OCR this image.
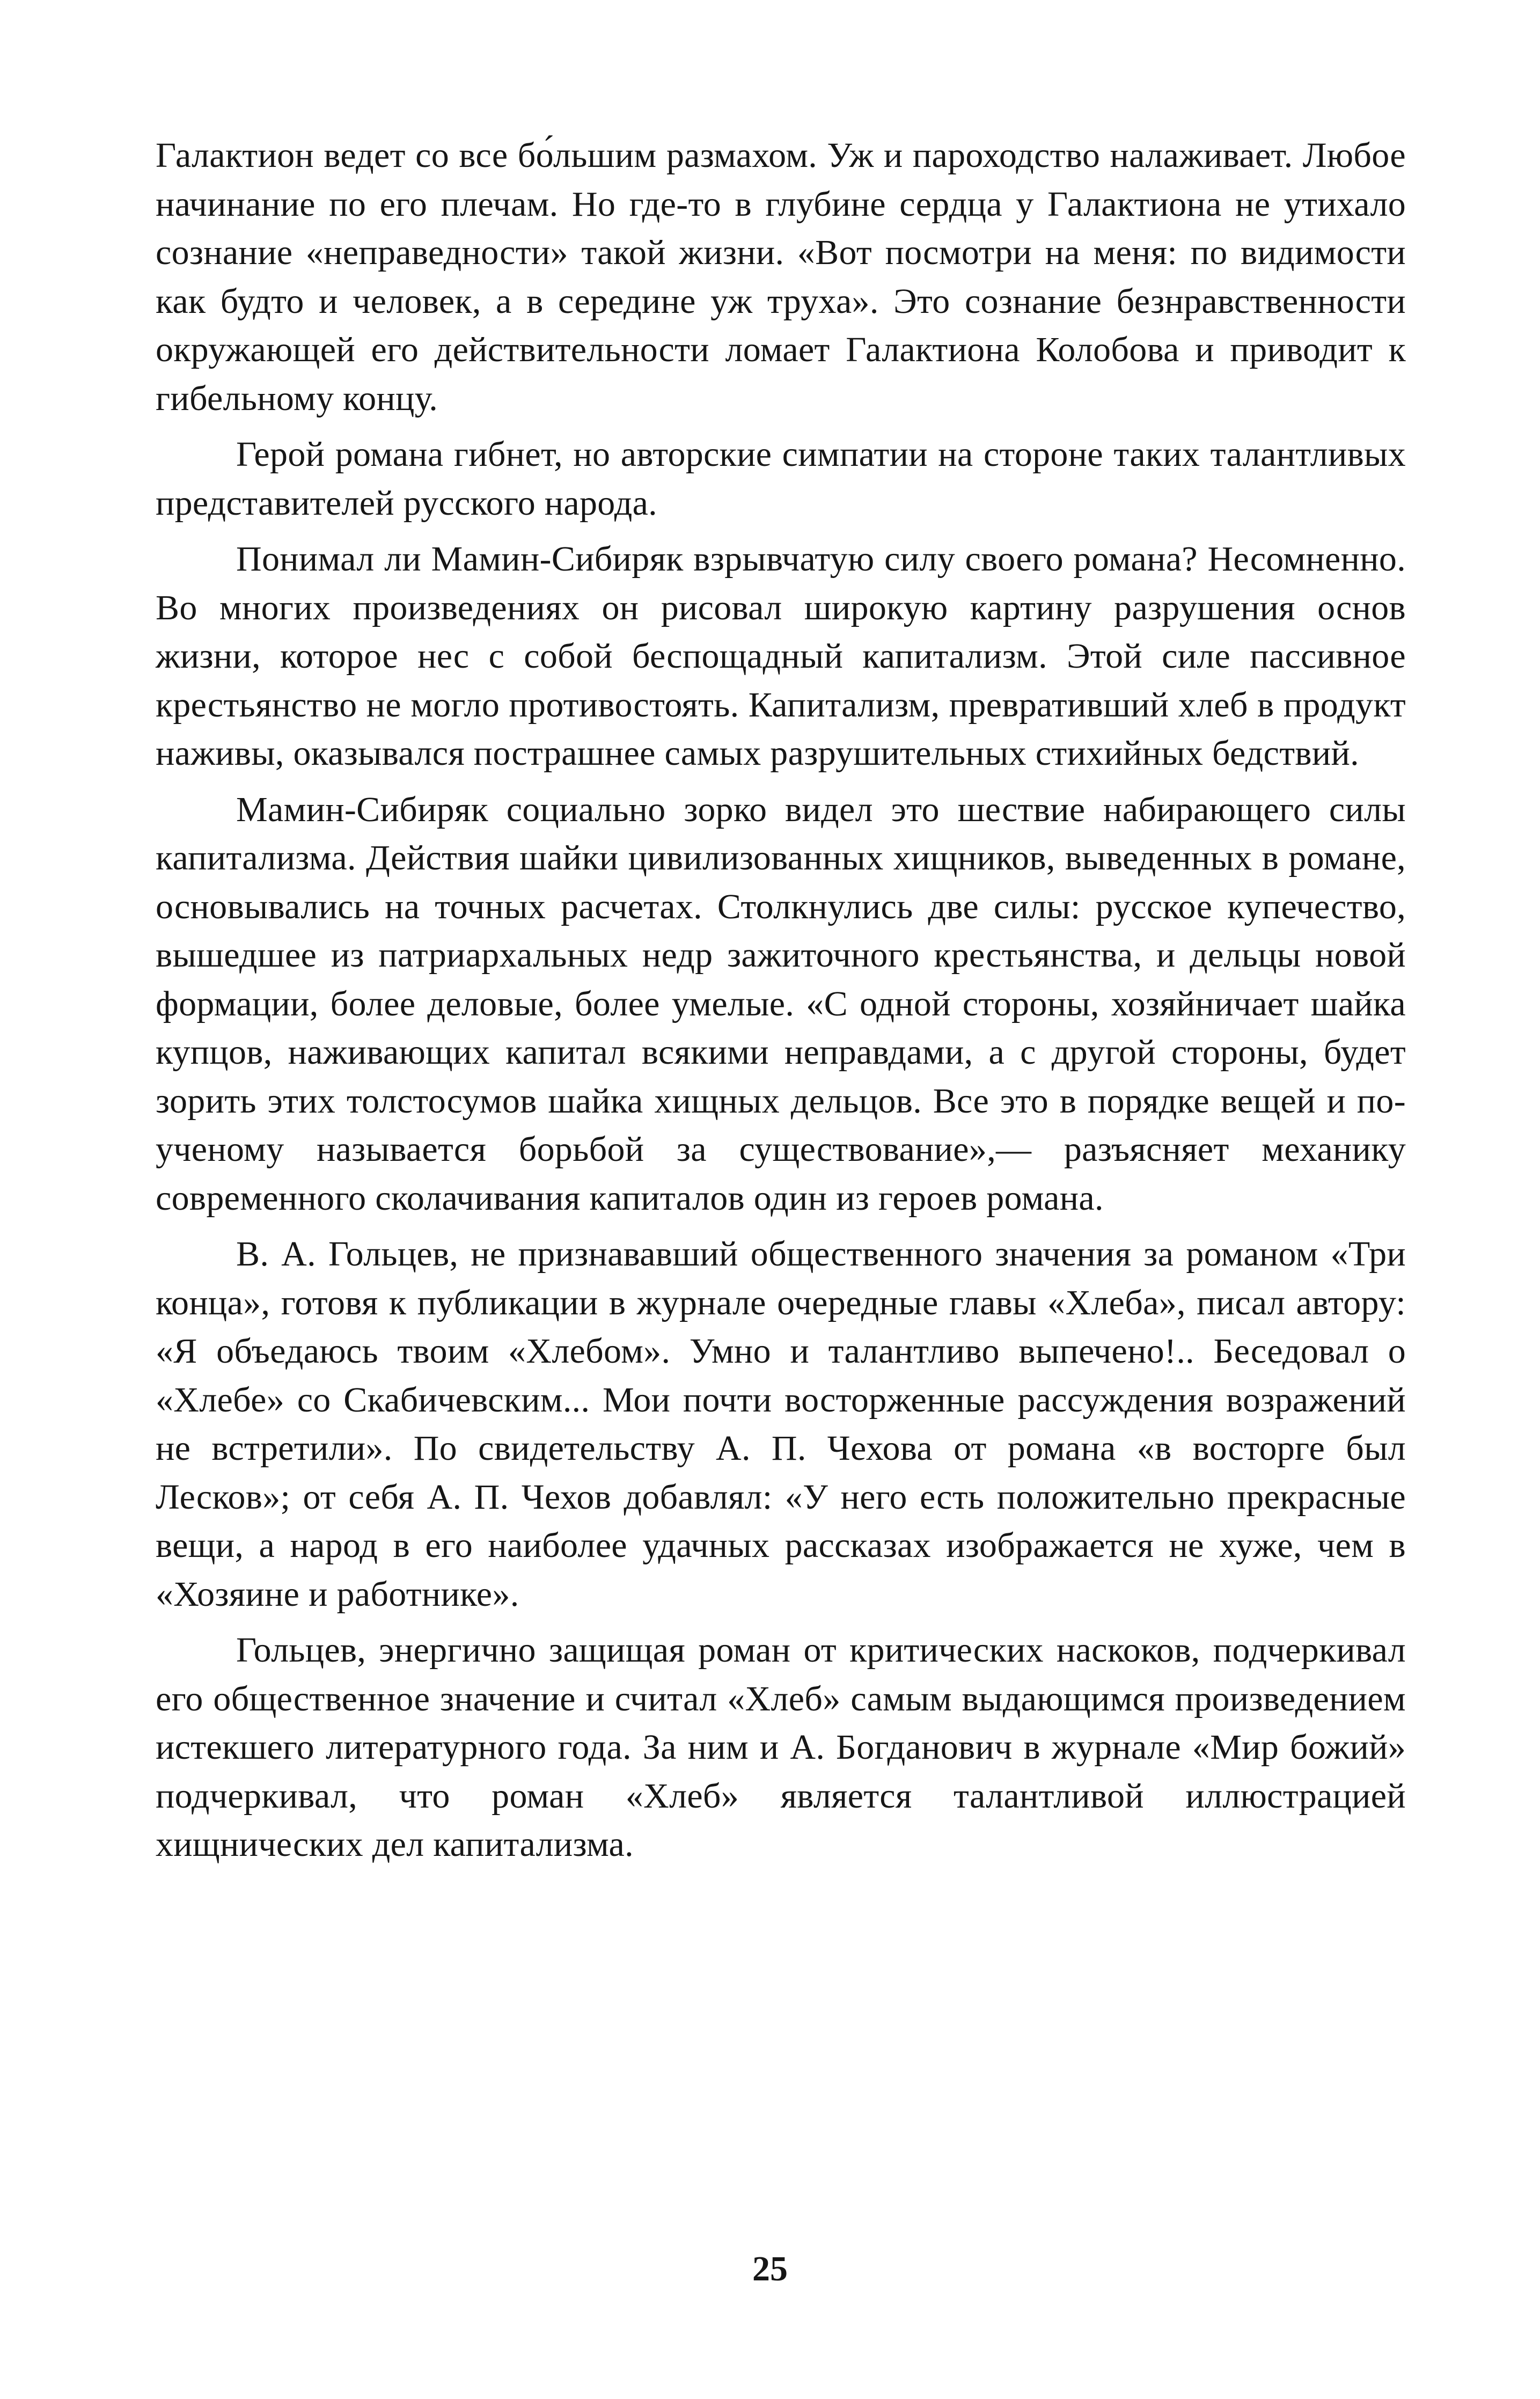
Галактион ведет со все бо́льшим размахом. Уж и пароходство налаживает. Любое начинание по его плечам. Но где-то в глубине сердца у Галактиона не утихало сознание «неправедности» такой жизни. «Вот посмотри на меня: по видимости как будто и человек, а в середине уж труха». Это сознание безнравственности окружающей его действительности ломает Галактиона Колобова и приводит к гибельному концу.

Герой романа гибнет, но авторские симпатии на стороне таких талантливых представителей русского народа.

Понимал ли Мамин-Сибиряк взрывчатую силу своего романа? Несомненно. Во многих произведениях он рисовал широкую картину разрушения основ жизни, которое нес с собой беспощадный капитализм. Этой силе пассивное крестьянство не могло противостоять. Капитализм, превративший хлеб в продукт наживы, оказывался пострашнее самых разрушительных стихийных бедствий.

Мамин-Сибиряк социально зорко видел это шествие набирающего силы капитализма. Действия шайки цивилизованных хищников, выведенных в романе, основывались на точных расчетах. Столкнулись две силы: русское купечество, вышедшее из патриархальных недр зажиточного крестьянства, и дельцы новой формации, более деловые, более умелые. «С одной стороны, хозяйничает шайка купцов, наживающих капитал всякими неправдами, а с другой стороны, будет зорить этих толстосумов шайка хищных дельцов. Все это в порядке вещей и по-ученому называется борьбой за существование»,— разъясняет механику современного сколачивания капиталов один из героев романа.

В. А. Гольцев, не признававший общественного значения за романом «Три конца», готовя к публикации в журнале очередные главы «Хлеба», писал автору: «Я объедаюсь твоим «Хлебом». Умно и талантливо выпечено!.. Беседовал о «Хлебе» со Скабичевским... Мои почти восторженные рассуждения возражений не встретили». По свидетельству А. П. Чехова от романа «в восторге был Лесков»; от себя А. П. Чехов добавлял: «У него есть положительно прекрасные вещи, а народ в его наиболее удачных рассказах изображается не хуже, чем в «Хозяине и работнике».

Гольцев, энергично защищая роман от критических наскоков, подчеркивал его общественное значение и считал «Хлеб» самым выдающимся произведением истекшего литературного года. За ним и А. Богданович в журнале «Мир божий» подчеркивал, что роман «Хлеб» является талантливой иллюстрацией хищнических дел капитализма.

25
